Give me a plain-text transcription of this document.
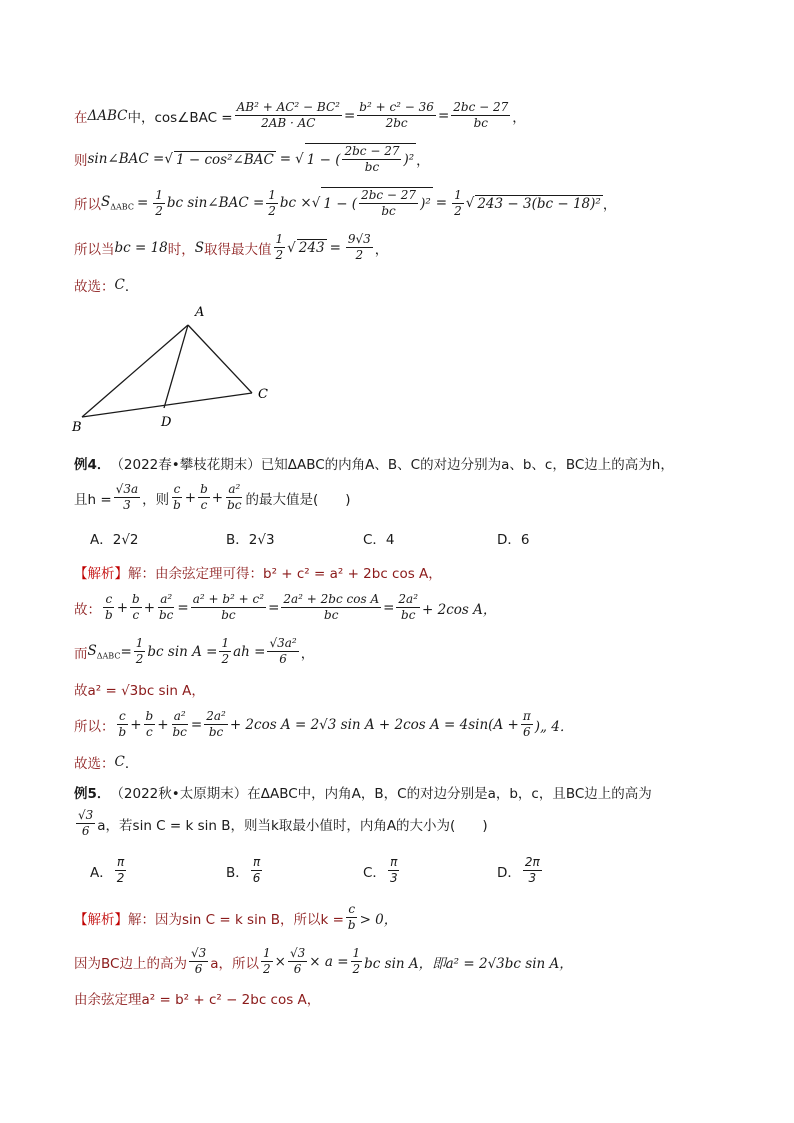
在 ΔABC 中，cos∠BAC = $\frac{\text{AB² + AC² − BC²}}{2AB \cdot AC} = \frac{\text{b² + c² − 36}}{2bc} = \frac{2bc - 27}{bc}$ ，
则 sin∠BAC = √ 1 − cos²∠BAC = √ 1 − ( $\frac{2bc - 27}{bc} )^2$ ，
所以 $S_{\Delta ABC} = \frac{1}{2}$ bc sin∠BAC = $\frac{1}{2}$ bc × √ 1 − ( $\frac{2bc - 27}{bc} )^2 = \frac{1}{2}$ √ 243 − 3(bc − 18)² ，
所以当 bc = 18 时， S 取得最大值 $\frac{1}{2}$ √ $243 = \frac{9√3}{2}$ ，
故选： C ．
A
B
C
D
例4． （2022春•攀枝花期末） 已知ΔABC的内角A、B、C的对边分别为a、b、c，BC边上的高为h，
且$h = \frac{√3a}{3}$ ，则 $\frac{c}{b} + \frac{b}{c} + \frac{\text{a²}}{bc}$ 的最大值是(　　)
A．2√2	B．2√3	C．4	D．6
【解析】 解：由余弦定理可得：b² + c² = a² + 2bc cos A，
故： $\frac{c}{b} + \frac{b}{c} + \frac{\text{a²}}{bc} = \frac{\text{a² + b² + c²}}{bc} = \frac{\text{2a² + 2bc cos A}}{bc} = \frac{\text{2a²}}{bc} + 2\cos$ A，
而 $S_{\Delta ABC} = \frac{1}{2}$ bc $\sin A = \frac{1}{2}$ ah = $\frac{\text{√3a²}}{6}$ ，
故a² = √3bc sin A，
所以： $\frac{c}{b} + \frac{b}{c} + \frac{\text{a²}}{bc} = \frac{\text{2a²}}{bc} + 2\cos$ A = 2√3 sin A + 2cos $A = 4\sin(A + \frac{\pi}{6}$ )„ 4．
故选： C ．
例5． （2022秋•太原期末） 在ΔABC中，内角A，B，C的对边分别是a，b，c，且BC边上的高为
$\frac{√3}{6}$ a，若sin C = k sin B，则当k取最小值时，内角A的大小为(　　)
A． $\frac{\pi}{2}$	B． $\frac{\pi}{6}$	C． $\frac{\pi}{3}$	D． $\frac{2\pi}{3}$
【解析】 解：因为sin C = k sin B，所以$k = \frac{c}{b} > 0$，
因为BC边上的高为 $\frac{√3}{6}$ a，所以 $\frac{1}{2} \times \frac{√3}{6} \times a = \frac{1}{2}$ bc sin A，即a² = 2√3bc sin A，
由余弦定理a² = b² + c² − 2bc cos A，
